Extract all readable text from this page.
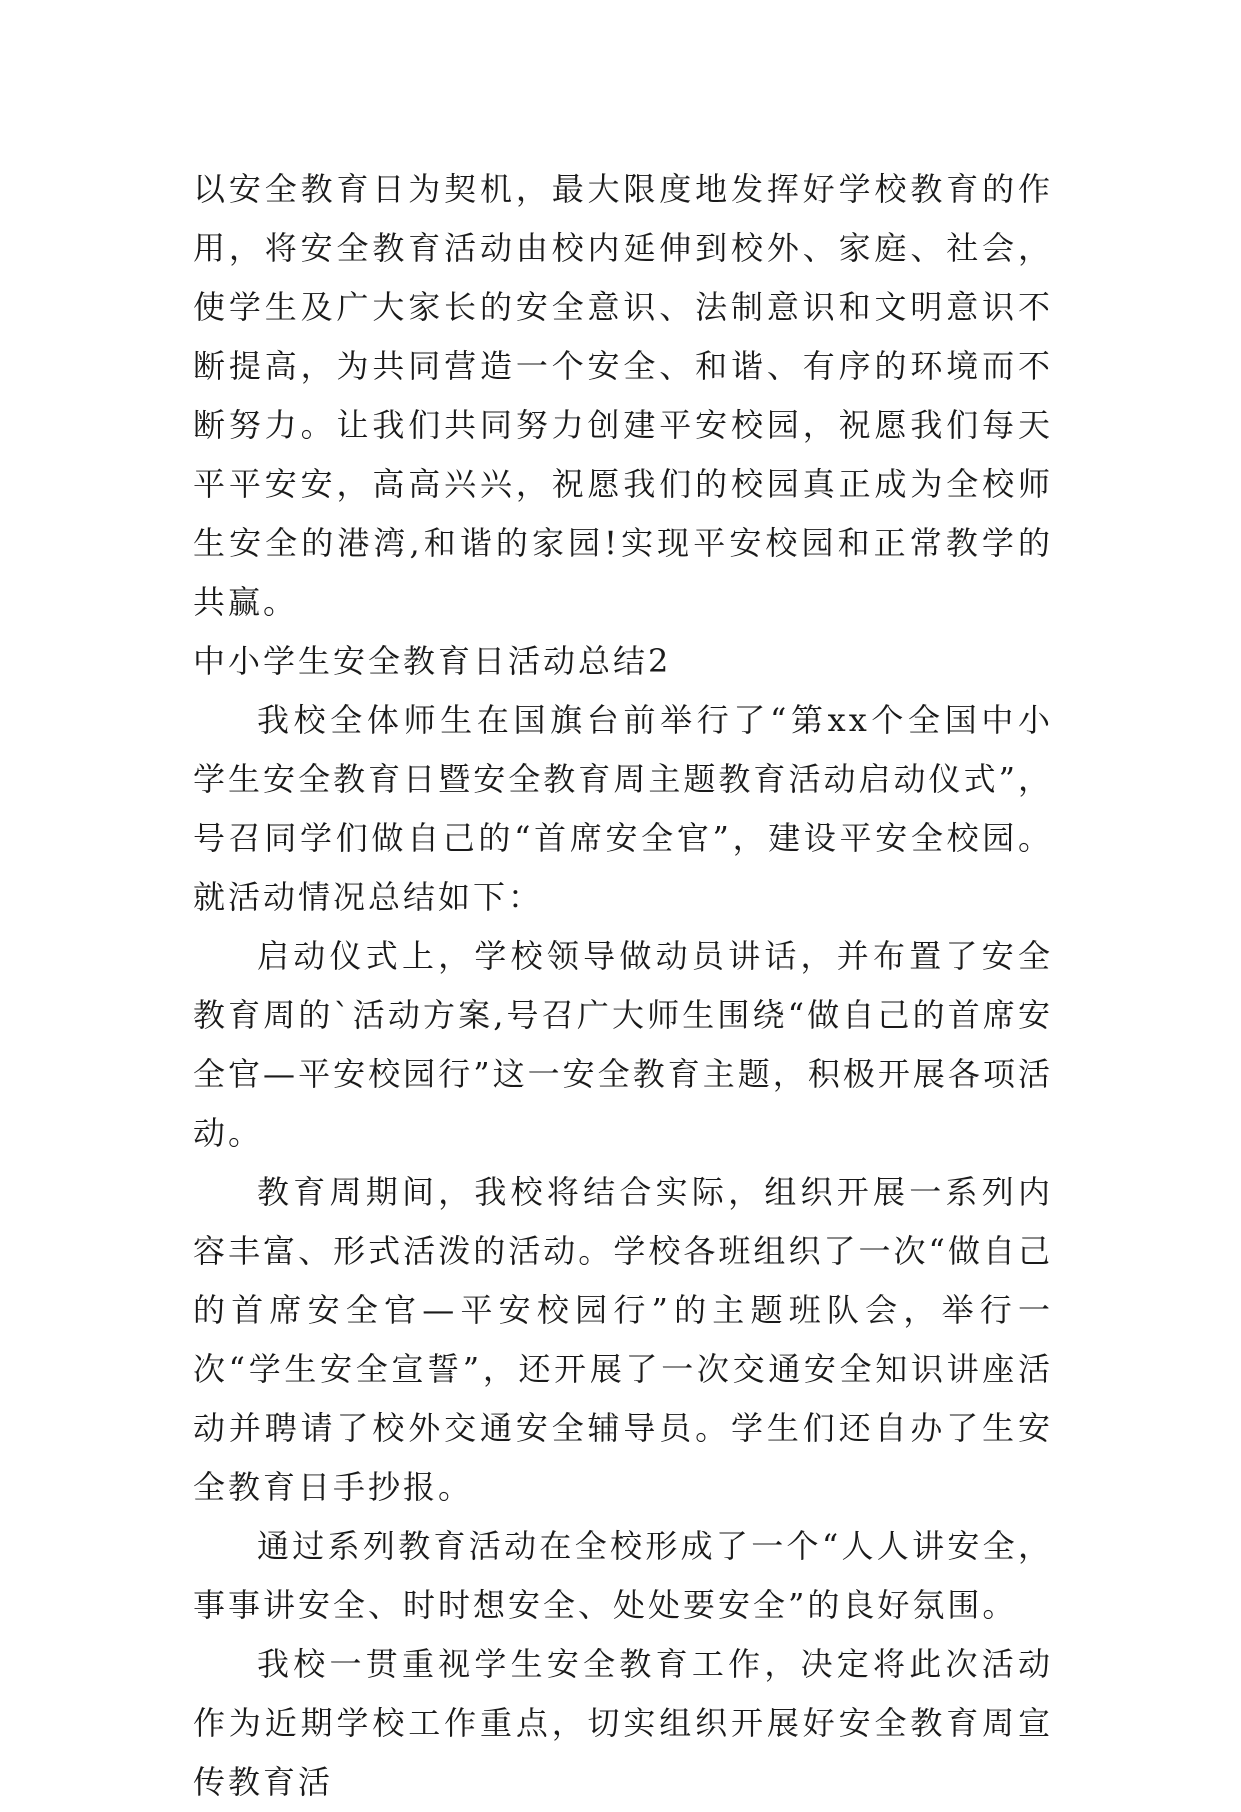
以安全教育日为契机，最大限度地发挥好学校教育的作用，将安全教育活动由校内延伸到校外、家庭、社会，使学生及广大家长的安全意识、法制意识和文明意识不断提高，为共同营造一个安全、和谐、有序的环境而不断努力。让我们共同努力创建平安校园，祝愿我们每天平平安安，高高兴兴，祝愿我们的校园真正成为全校师生安全的港湾,和谐的家园!实现平安校园和正常教学的共赢。

中小学生安全教育日活动总结2

我校全体师生在国旗台前举行了“第xx个全国中小学生安全教育日暨安全教育周主题教育活动启动仪式”，号召同学们做自己的“首席安全官”，建设平安全校园。就活动情况总结如下：

启动仪式上，学校领导做动员讲话，并布置了安全教育周的`活动方案,号召广大师生围绕“做自己的首席安全官—平安校园行”这一安全教育主题，积极开展各项活动。

教育周期间，我校将结合实际，组织开展一系列内容丰富、形式活泼的活动。学校各班组织了一次“做自己的首席安全官—平安校园行”的主题班队会，举行一次“学生安全宣誓”，还开展了一次交通安全知识讲座活动并聘请了校外交通安全辅导员。学生们还自办了生安全教育日手抄报。

通过系列教育活动在全校形成了一个“人人讲安全，事事讲安全、时时想安全、处处要安全”的良好氛围。

我校一贯重视学生安全教育工作，决定将此次活动作为近期学校工作重点，切实组织开展好安全教育周宣传教育活
